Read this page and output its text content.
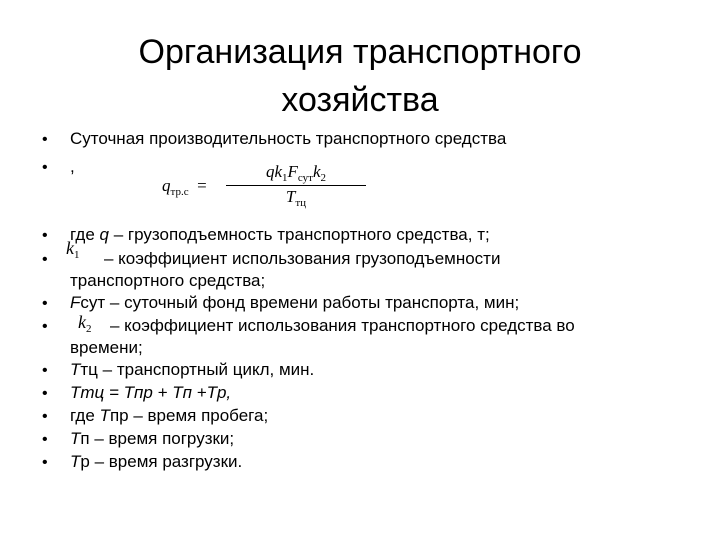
Организация транспортного
хозяйства
•
•
•
•
•
•
•
•
•
•
•
Суточная производительность транспортного средства
,
$q_{тр.с}$ =
$qk_1F_{сут}k_2$
$T_{тц}$
где q – грузоподъемность транспортного средства, т;
$k_1$ – коэффициент использования грузоподъемности
транспортного средства;
Fсут – суточный фонд времени работы транспорта, мин;
$k_2$ – коэффициент использования транспортного средства во
времени;
Tтц – транспортный цикл, мин.
Tтц = Tпр + Tп +Tр,
где Tпр – время пробега;
Tп – время погрузки;
Tр – время разгрузки.
